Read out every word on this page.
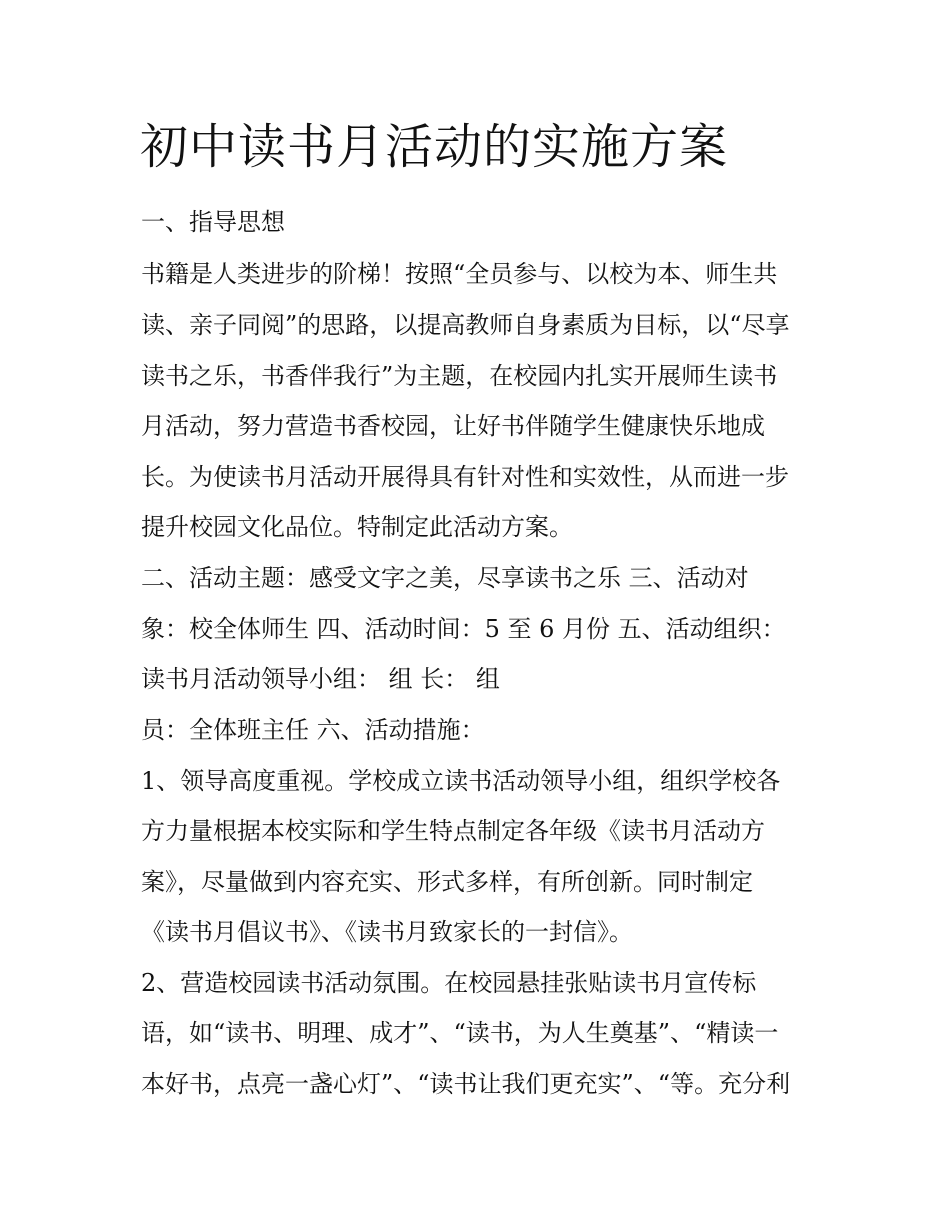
初中读书月活动的实施方案

一、指导思想

书籍是人类进步的阶梯！按照“全员参与、以校为本、师生共

读、亲子同阅”的思路，以提高教师自身素质为目标，以“尽享

读书之乐，书香伴我行”为主题，在校园内扎实开展师生读书

月活动，努力营造书香校园，让好书伴随学生健康快乐地成

长。为使读书月活动开展得具有针对性和实效性，从而进一步

提升校园文化品位。特制定此活动方案。

二、活动主题：感受文字之美，尽享读书之乐 三、活动对

象：校全体师生 四、活动时间：5 至 6 月份 五、活动组织：

读书月活动领导小组： 组 长： 组

员：全体班主任 六、活动措施：

1、领导高度重视。学校成立读书活动领导小组，组织学校各

方力量根据本校实际和学生特点制定各年级《读书月活动方

案》，尽量做到内容充实、形式多样，有所创新。同时制定

《读书月倡议书》、《读书月致家长的一封信》。

2、营造校园读书活动氛围。在校园悬挂张贴读书月宣传标

语，如“读书、明理、成才”、“读书，为人生奠基”、“精读一

本好书，点亮一盏心灯”、“读书让我们更充实”、“等。充分利
